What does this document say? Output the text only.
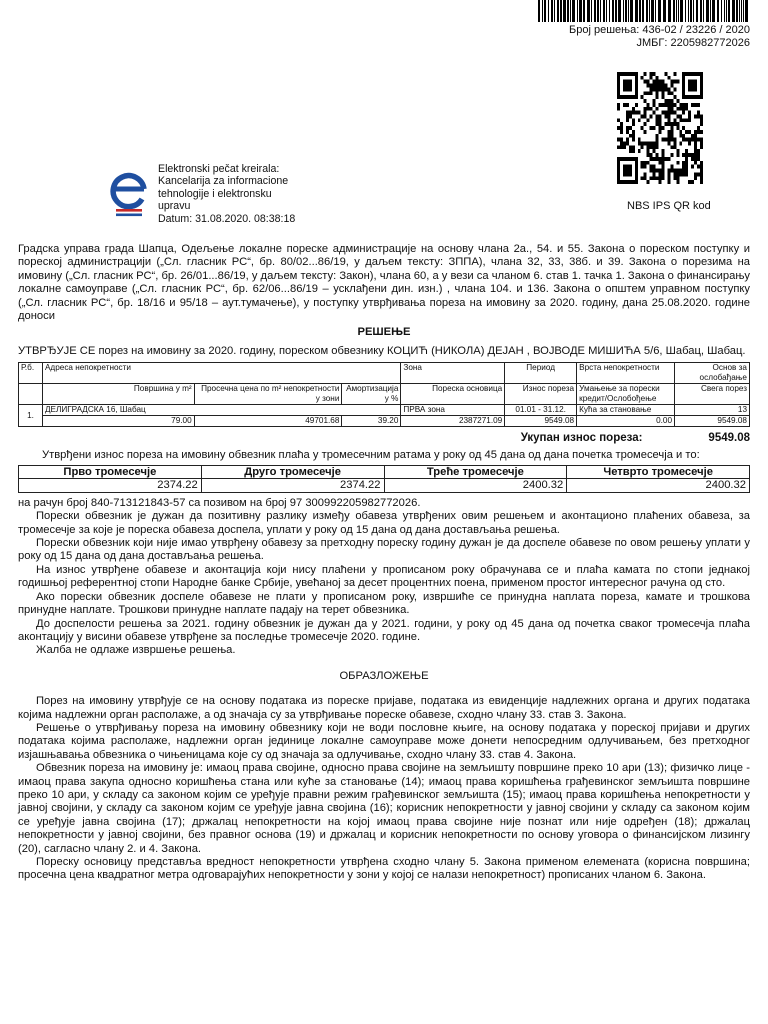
Број решења: 436-02 / 23226 / 2020
ЈМБГ: 2205982772026
NBS IPS QR kod
Elektronski pečat kreirala:
Kancelarija za informacione
tehnologije i elektronsku
upravu
Datum: 31.08.2020. 08:38:18

Градска управа града Шапца, Одељење локалне пореске администрације на основу члана 2а., 54. и 55. Закона о пореском поступку и пореској администрацији („Сл. гласник РС“, бр. 80/02...86/19, у даљем тексту: ЗППА), члана 32, 33, 38б. и 39. Закона о порезима на имовину („Сл. гласник РС“, бр. 26/01...86/19, у даљем тексту: Закон), члана 60, а у вези са чланом 6. став 1. тачка 1. Закона о финансирању локалне самоуправе („Сл. гласник РС“, бр. 62/06...86/19 – усклађени дин. изн.) , члана 104. и 136. Закона о општем управном поступку („Сл. гласник РС“, бр. 18/16 и 95/18 – аут.тумачење), у поступку утврђивања пореза на имовину за 2020. годину, дана 25.08.2020. године доноси

РЕШЕЊЕ

УТВРЂУЈЕ СЕ порез на имовину за 2020. годину, пореском обвезнику КОЦИЋ (НИКОЛА) ДЕЈАН , ВОЈВОДЕ МИШИЋА 5/6, Шабац, Шабац.

Р.б.	Адреса непокретности			Зона	Период	Врста непокретности	Основ за ослобађање
	Површина у m²	Просечна цена по m² непокретности у зони	Амортизација у %	Пореска основица	Износ пореза	Умањење за порески кредит/Ослобођење	Свега порез
1.	ДЕЛИГРАДСКА 16, Шабац			ПРВА зона	01.01 - 31.12.	Кућа за становање	13
	79.00	49701.68	39.20	2387271.09	9549.08	0.00	9549.08
Укупан износ пореза:	9549.08

Утврђени износ пореза на имовину обвезник плаћа у тромесечним ратама у року од 45 дана од дана почетка тромесечја и то:

Прво тромесечје	Друго тромесечје	Треће тромесечје	Четврто тромесечје
2374.22	2374.22	2400.32	2400.32

на рачун број 840-713121843-57 са позивом на број 97 300992205982772026.

Порески обвезник је дужан да позитивну разлику између обавеза утврђених овим решењем и аконтационо плаћених обавеза, за тромесечје за које је пореска обавеза доспела, уплати у року од 15 дана од дана достављања решења.

Порески обвезник који није имао утврђену обавезу за претходну пореску годину дужан је да доспеле обавезе по овом решењу уплати у року од 15 дана од дана достављања решења.

На износ утврђене обавезе и аконтација који нису плаћени у прописаном року обрачунава се и плаћа камата по стопи једнакој годишњој референтној стопи Народне банке Србије, увећаној за десет процентних поена, применом простог интересног рачуна од сто.

Ако порески обвезник доспеле обавезе не плати у прописаном року, извршиће се принудна наплата пореза, камате и трошкова принудне наплате. Трошкови принудне наплате падају на терет обвезника.

До доспелости решења за 2021. годину обвезник је дужан да у 2021. години, у року од 45 дана од почетка сваког тромесечја плаћа аконтацију у висини обавезе утврђене за последње тромесечје 2020. године.

Жалба не одлаже извршење решења.

ОБРАЗЛОЖЕЊЕ

Порез на имовину утврђује се на основу података из пореске пријаве, података из евиденције надлежних органа и других података којима надлежни орган располаже, а од значаја су за утврђивање пореске обавезе, сходно члану 33. став 3. Закона.

Решење о утврђивању пореза на имовину обвезнику који не води пословне књиге, на основу података у пореској пријави и других података којима располаже, надлежни орган јединице локалне самоуправе може донети непосредним одлучивањем, без претходног изјашњавања обвезника о чињеницама које су од значаја за одлучивање, сходно члану 33. став 4. Закона.

Обвезник пореза на имовину је: имаоц права својине, односно права својине на земљишту површине преко 10 ари (13); физичко лице - имаоц права закупа односно коришћења стана или куће за становање (14); имаоц права коришћења грађевинског земљишта површине преко 10 ари, у складу са законом којим се уређује правни режим грађевинског земљишта (15); имаоц права коришћења непокретности у јавној својини, у складу са законом којим се уређује јавна својина (16); корисник непокретности у јавној својини у складу са законом којим се уређује јавна својина (17); држалац непокретности на којој имаоц права својине није познат или није одређен (18); држалац непокретности у јавној својини, без правног основа (19) и држалац и корисник непокретности по основу уговора о финансијском лизингу (20), сагласно члану 2. и 4. Закона.

Пореску основицу представља вредност непокретности утврђена сходно члану 5. Закона применом елемената (корисна површина; просечна цена квадратног метра одговарајућих непокретности у зони у којој се налази непокретност) прописаних чланом 6. Закона.
